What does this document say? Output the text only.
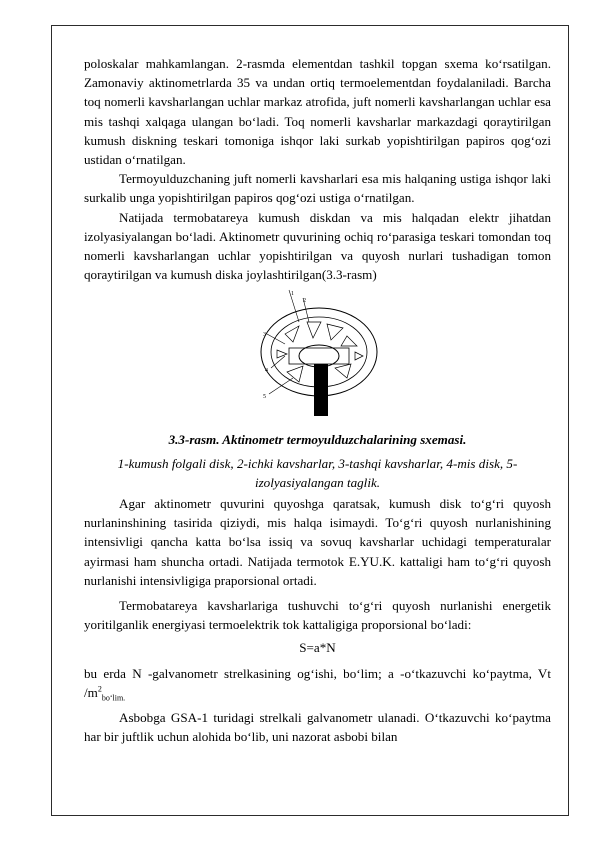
poloskalar mahkamlangan. 2-rasmda elementdan tashkil topgan sxema ko‘rsatilgan. Zamonaviy aktinometrlarda 35 va undan ortiq termoelementdan foydalaniladi. Barcha toq nomerli kavsharlangan uchlar markaz atrofida, juft nomerli kavsharlangan uchlar esa mis tashqi xalqaga ulangan bo‘ladi. Toq nomerli kavsharlar markazdagi qoraytirilgan kumush diskning teskari tomoniga ishqor laki surkab yopishtirilgan papiros qog‘ozi ustidan o‘rnatilgan.

Termoyulduzchaning juft nomerli kavsharlari esa mis halqaning ustiga ishqor laki surkalib unga yopishtirilgan papiros qog‘ozi ustiga o‘rnatilgan.

Natijada termobatareya kumush diskdan va mis halqadan elektr jihatdan izolyasiyalangan bo‘ladi. Aktinometr quvurining ochiq ro‘parasiga teskari tomondan toq nomerli kavsharlangan uchlar yopishtirilgan va quyosh nurlari tushadigan tomon qoraytirilgan va kumush diska joylashtirilgan(3.3-rasm)

1
2
3
4
5

3.3-rasm. Aktinometr termoyulduzchalarining sxemasi.

1-kumush folgali disk, 2-ichki kavsharlar, 3-tashqi kavsharlar, 4-mis disk, 5-izolyasiyalangan taglik.

Agar aktinometr quvurini quyoshga qaratsak, kumush disk to‘g‘ri quyosh nurlaninshining tasirida qiziydi, mis halqa isimaydi. To‘g‘ri quyosh nurlanishining intensivligi qancha katta bo‘lsa issiq va sovuq kavsharlar uchidagi temperaturalar ayirmasi ham shuncha ortadi. Natijada termotok E.YU.K. kattaligi ham to‘g‘ri quyosh nurlanishi intensivligiga praporsional ortadi.

Termobatareya kavsharlariga tushuvchi to‘g‘ri quyosh nurlanishi energetik yoritilganlik energiyasi termoelektrik tok kattaligiga proporsional bo‘ladi:

S=a*N

bu erda N -galvanometr strelkasining og‘ishi, bo‘lim; a -o‘tkazuvchi ko‘paytma, Vt $/m^2_{bo‘lim.}$

Asbobga GSA-1 turidagi strelkali galvanometr ulanadi. O‘tkazuvchi ko‘paytma har bir juftlik uchun alohida bo‘lib, uni nazorat asbobi bilan
